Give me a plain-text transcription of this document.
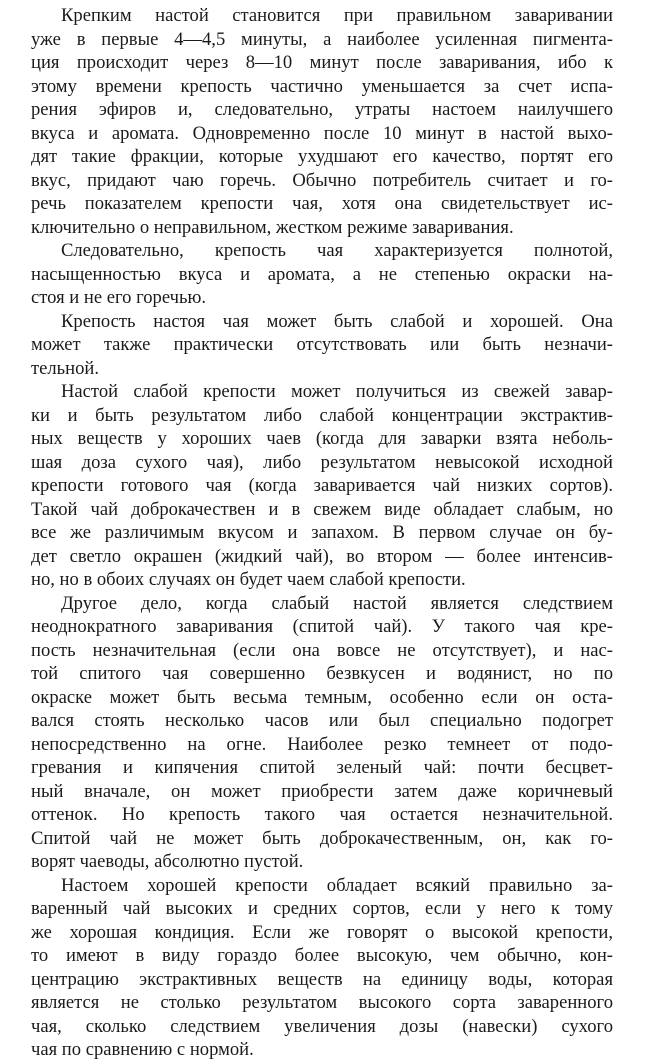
Крепким настой становится при правильном заваривании
уже в первые 4—4,5 минуты, а наиболее усиленная пигмента-
ция происходит через 8—10 минут после заваривания, ибо к
этому времени крепость частично уменьшается за счет испа-
рения эфиров и, следовательно, утраты настоем наилучшего
вкуса и аромата. Одновременно после 10 минут в настой выхо-
дят такие фракции, которые ухудшают его качество, портят его
вкус, придают чаю горечь. Обычно потребитель считает и го-
речь показателем крепости чая, хотя она свидетельствует ис-
ключительно о неправильном, жестком режиме заваривания.
Следовательно, крепость чая характеризуется полнотой,
насыщенностью вкуса и аромата, а не степенью окраски на-
стоя и не его горечью.
Крепость настоя чая может быть слабой и хорошей. Она
может также практически отсутствовать или быть незначи-
тельной.
Настой слабой крепости может получиться из свежей завар-
ки и быть результатом либо слабой концентрации экстрактив-
ных веществ у хороших чаев (когда для заварки взята неболь-
шая доза сухого чая), либо результатом невысокой исходной
крепости готового чая (когда заваривается чай низких сортов).
Такой чай доброкачествен и в свежем виде обладает слабым, но
все же различимым вкусом и запахом. В первом случае он бу-
дет светло окрашен (жидкий чай), во втором — более интенсив-
но, но в обоих случаях он будет чаем слабой крепости.
Другое дело, когда слабый настой является следствием
неоднократного заваривания (спитой чай). У такого чая кре-
пость незначительная (если она вовсе не отсутствует), и нас-
той спитого чая совершенно безвкусен и водянист, но по
окраске может быть весьма темным, особенно если он оста-
вался стоять несколько часов или был специально подогрет
непосредственно на огне. Наиболее резко темнеет от подо-
гревания и кипячения спитой зеленый чай: почти бесцвет-
ный вначале, он может приобрести затем даже коричневый
оттенок. Но крепость такого чая остается незначительной.
Спитой чай не может быть доброкачественным, он, как го-
ворят чаеводы, абсолютно пустой.
Настоем хорошей крепости обладает всякий правильно за-
варенный чай высоких и средних сортов, если у него к тому
же хорошая кондиция. Если же говорят о высокой крепости,
то имеют в виду гораздо более высокую, чем обычно, кон-
центрацию экстрактивных веществ на единицу воды, которая
является не столько результатом высокого сорта заваренного
чая, сколько следствием увеличения дозы (навески) сухого
чая по сравнению с нормой.
